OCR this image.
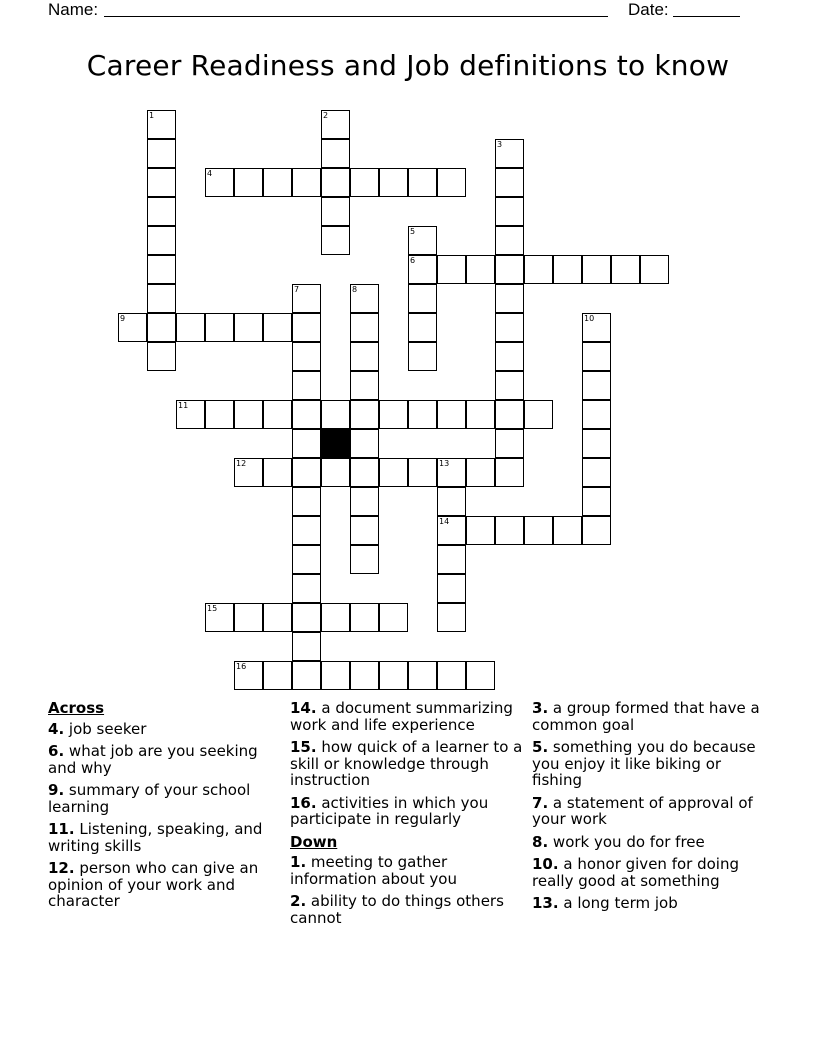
Name:	Date:
Career Readiness and Job definitions to know
1	2
3
4
5
6
7	8
9	10
11
12	13
14
15
16
Across
4. job seeker
6. what job are you seeking and why
9. summary of your school learning
11. Listening, speaking, and writing skills
12. person who can give an opinion of your work and character
14. a document summarizing work and life experience
15. how quick of a learner to a skill or knowledge through instruction
16. activities in which you participate in regularly
Down
1. meeting to gather information about you
2. ability to do things others cannot
3. a group formed that have a common goal
5. something you do because you enjoy it like biking or fishing
7. a statement of approval of your work
8. work you do for free
10. a honor given for doing really good at something
13. a long term job
